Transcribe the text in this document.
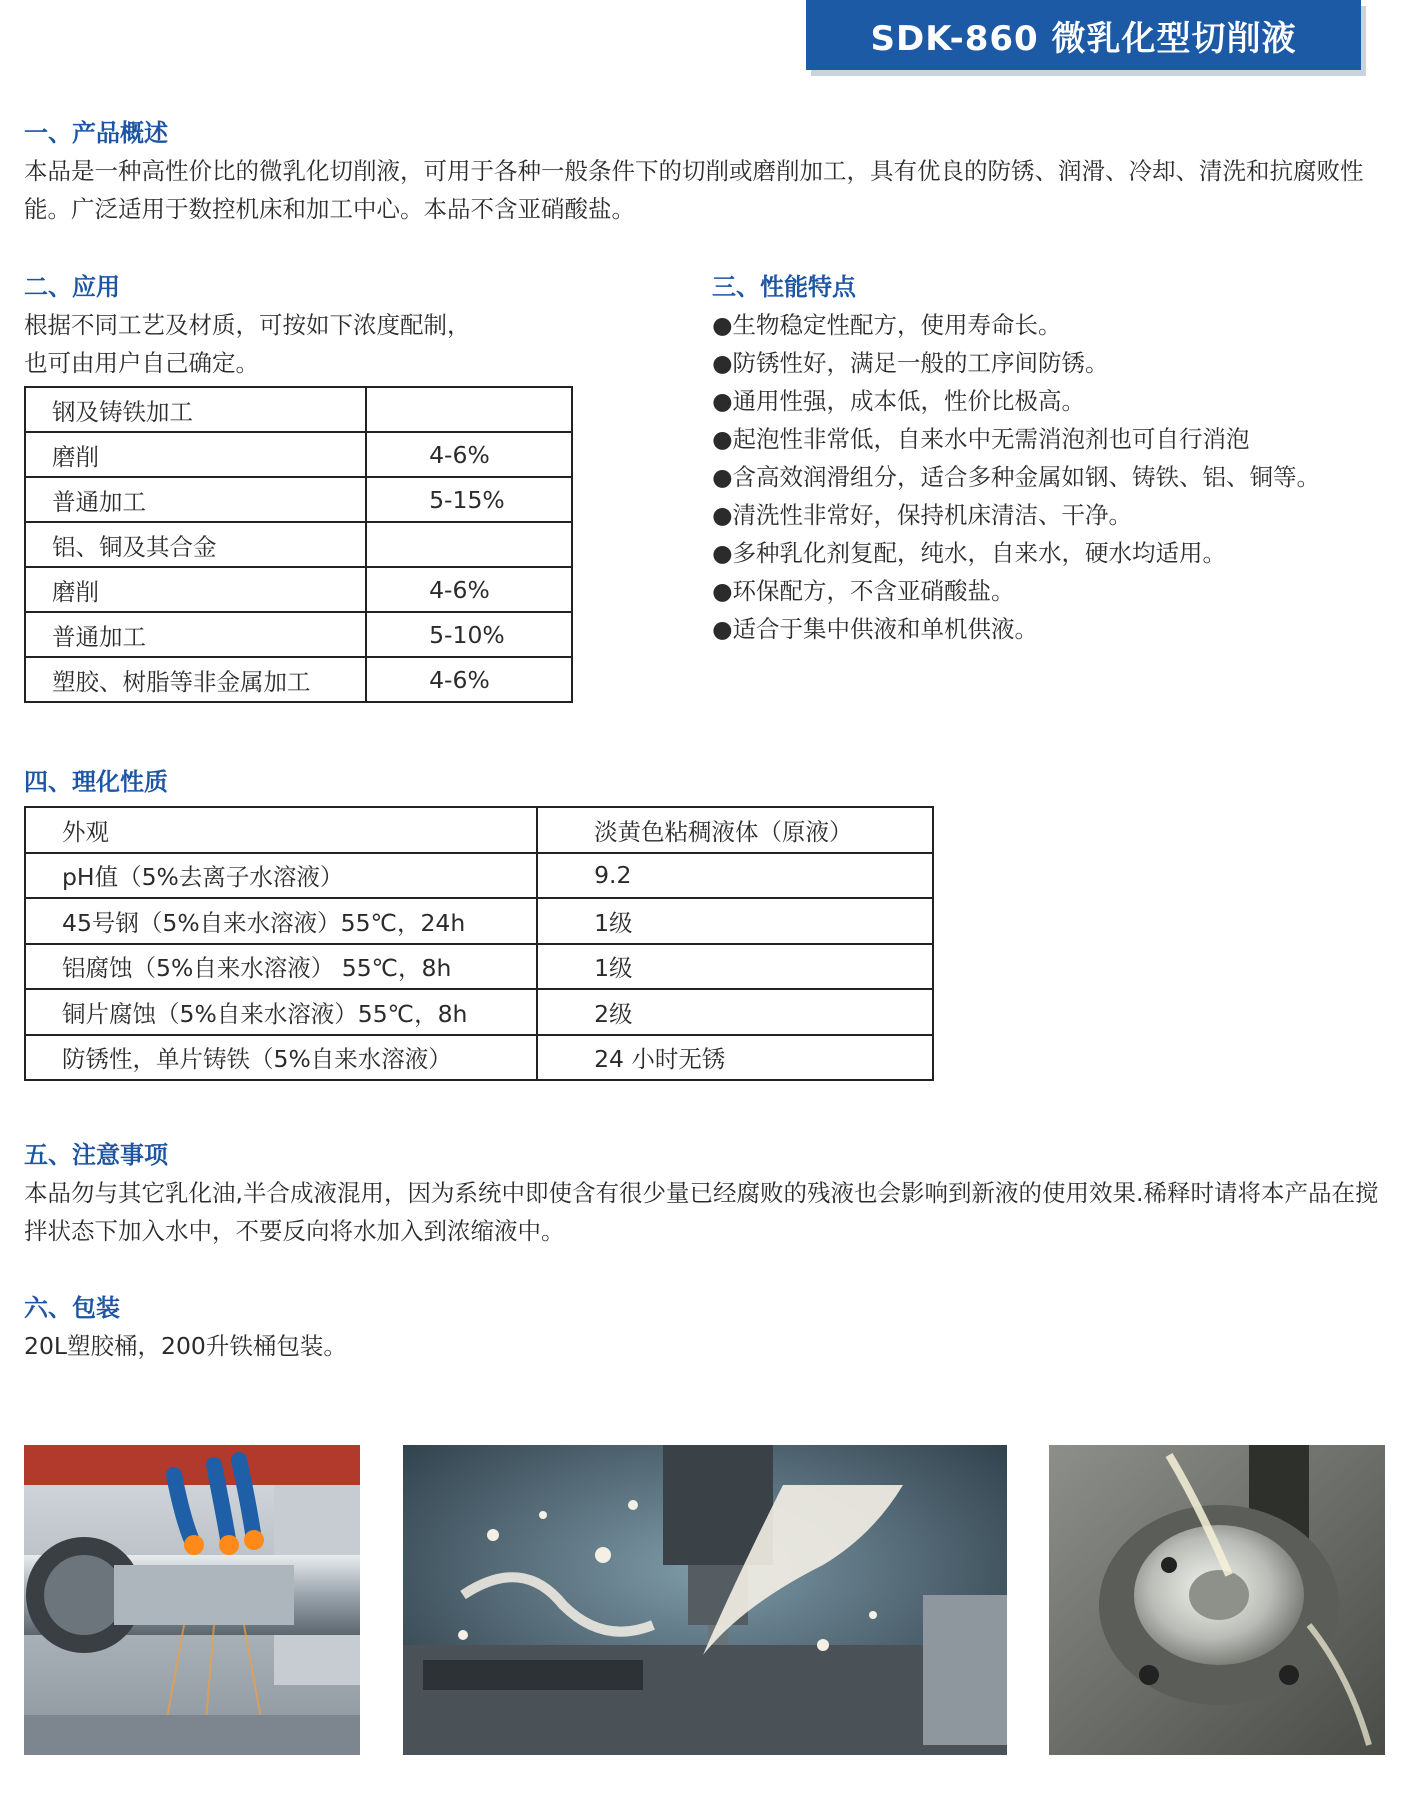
SDK-860 微乳化型切削液
一、产品概述
本品是一种高性价比的微乳化切削液，可用于各种一般条件下的切削或磨削加工，具有优良的防锈、润滑、冷却、清洗和抗腐败性能。广泛适用于数控机床和加工中心。本品不含亚硝酸盐。
二、应用
根据不同工艺及材质，可按如下浓度配制，
也可由用户自己确定。
钢及铸铁加工	
磨削	4-6%
普通加工	5-15%
铝、铜及其合金	
磨削	4-6%
普通加工	5-10%
塑胶、树脂等非金属加工	4-6%
三、性能特点
●生物稳定性配方，使用寿命长。
●防锈性好，满足一般的工序间防锈。
●通用性强，成本低，性价比极高。
●起泡性非常低，自来水中无需消泡剂也可自行消泡
●含高效润滑组分，适合多种金属如钢、铸铁、铝、铜等。
●清洗性非常好，保持机床清洁、干净。
●多种乳化剂复配，纯水，自来水，硬水均适用。
●环保配方，不含亚硝酸盐。
●适合于集中供液和单机供液。
四、理化性质
外观	淡黄色粘稠液体（原液）
pH值（5%去离子水溶液）	9.2
45号钢（5%自来水溶液）55℃，24h	1级
铝腐蚀（5%自来水溶液） 55℃，8h	1级
铜片腐蚀（5%自来水溶液）55℃，8h	2级
防锈性，单片铸铁（5%自来水溶液）	24 小时无锈
五、注意事项
本品勿与其它乳化油,半合成液混用，因为系统中即使含有很少量已经腐败的残液也会影响到新液的使用效果.稀释时请将本产品在搅拌状态下加入水中，不要反向将水加入到浓缩液中。
六、包装
20L塑胶桶，200升铁桶包装。
